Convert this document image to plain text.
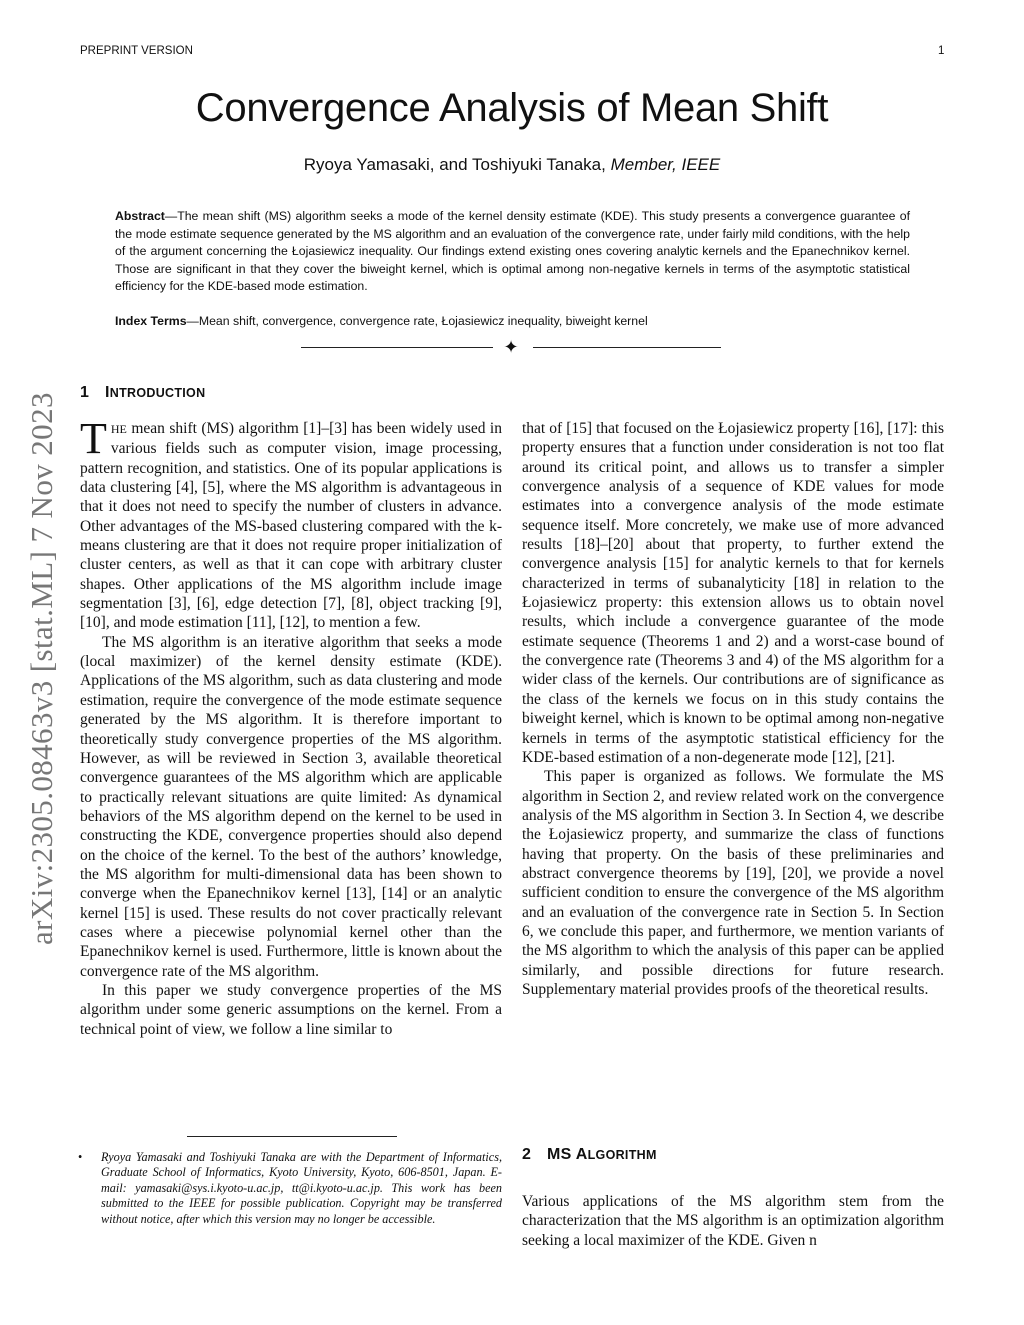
PREPRINT VERSION	1
Convergence Analysis of Mean Shift
Ryoya Yamasaki, and Toshiyuki Tanaka, Member, IEEE
Abstract—The mean shift (MS) algorithm seeks a mode of the kernel density estimate (KDE). This study presents a convergence guarantee of the mode estimate sequence generated by the MS algorithm and an evaluation of the convergence rate, under fairly mild conditions, with the help of the argument concerning the Łojasiewicz inequality. Our findings extend existing ones covering analytic kernels and the Epanechnikov kernel. Those are significant in that they cover the biweight kernel, which is optimal among non-negative kernels in terms of the asymptotic statistical efficiency for the KDE-based mode estimation.
Index Terms—Mean shift, convergence, convergence rate, Łojasiewicz inequality, biweight kernel
✦
arXiv:2305.08463v3 [stat.ML] 7 Nov 2023 1 INTRODUCTION

THE mean shift (MS) algorithm [1]–[3] has been widely used in various fields such as computer vision, image processing, pattern recognition, and statistics. One of its popular applications is data clustering [4], [5], where the MS algorithm is advantageous in that it does not need to specify the number of clusters in advance. Other advantages of the MS-based clustering compared with the k-means clustering are that it does not require proper initialization of cluster centers, as well as that it can cope with arbitrary cluster shapes. Other applications of the MS algorithm include image segmentation [3], [6], edge detection [7], [8], object tracking [9], [10], and mode estimation [11], [12], to mention a few.

The MS algorithm is an iterative algorithm that seeks a mode (local maximizer) of the kernel density estimate (KDE). Applications of the MS algorithm, such as data clustering and mode estimation, require the convergence of the mode estimate sequence generated by the MS algorithm. It is therefore important to theoretically study convergence properties of the MS algorithm. However, as will be reviewed in Section 3, available theoretical convergence guarantees of the MS algorithm which are applicable to practically relevant situations are quite limited: As dynamical behaviors of the MS algorithm depend on the kernel to be used in constructing the KDE, convergence properties should also depend on the choice of the kernel. To the best of the authors’ knowledge, the MS algorithm for multi-dimensional data has been shown to converge when the Epanechnikov kernel [13], [14] or an analytic kernel [15] is used. These results do not cover practically relevant cases where a piecewise polynomial kernel other than the Epanechnikov kernel is used. Furthermore, little is known about the convergence rate of the MS algorithm.

In this paper we study convergence properties of the MS algorithm under some generic assumptions on the kernel. From a technical point of view, we follow a line similar to

that of [15] that focused on the Łojasiewicz property [16], [17]: this property ensures that a function under consideration is not too flat around its critical point, and allows us to transfer a simpler convergence analysis of a sequence of KDE values for mode estimates into a convergence analysis of the mode estimate sequence itself. More concretely, we make use of more advanced results [18]–[20] about that property, to further extend the convergence analysis [15] for analytic kernels to that for kernels characterized in terms of subanalyticity [18] in relation to the Łojasiewicz property: this extension allows us to obtain novel results, which include a convergence guarantee of the mode estimate sequence (Theorems 1 and 2) and a worst-case bound of the convergence rate (Theorems 3 and 4) of the MS algorithm for a wider class of the kernels. Our contributions are of significance as the class of the kernels we focus on in this study contains the biweight kernel, which is known to be optimal among non-negative kernels in terms of the asymptotic statistical efficiency for the KDE-based estimation of a non-degenerate mode [12], [21].

This paper is organized as follows. We formulate the MS algorithm in Section 2, and review related work on the convergence analysis of the MS algorithm in Section 3. In Section 4, we describe the Łojasiewicz property, and summarize the class of functions having that property. On the basis of these preliminaries and abstract convergence theorems by [19], [20], we provide a novel sufficient condition to ensure the convergence of the MS algorithm and an evaluation of the convergence rate in Section 5. In Section 6, we conclude this paper, and furthermore, we mention variants of the MS algorithm to which the analysis of this paper can be applied similarly, and possible directions for future research. Supplementary material provides proofs of the theoretical results.

2 MS ALGORITHM

Various applications of the MS algorithm stem from the characterization that the MS algorithm is an optimization algorithm seeking a local maximizer of the KDE. Given n

• Ryoya Yamasaki and Toshiyuki Tanaka are with the Department of Informatics, Graduate School of Informatics, Kyoto University, Kyoto, 606-8501, Japan. E-mail: yamasaki@sys.i.kyoto-u.ac.jp, tt@i.kyoto-u.ac.jp. This work has been submitted to the IEEE for possible publication. Copyright may be transferred without notice, after which this version may no longer be accessible.
